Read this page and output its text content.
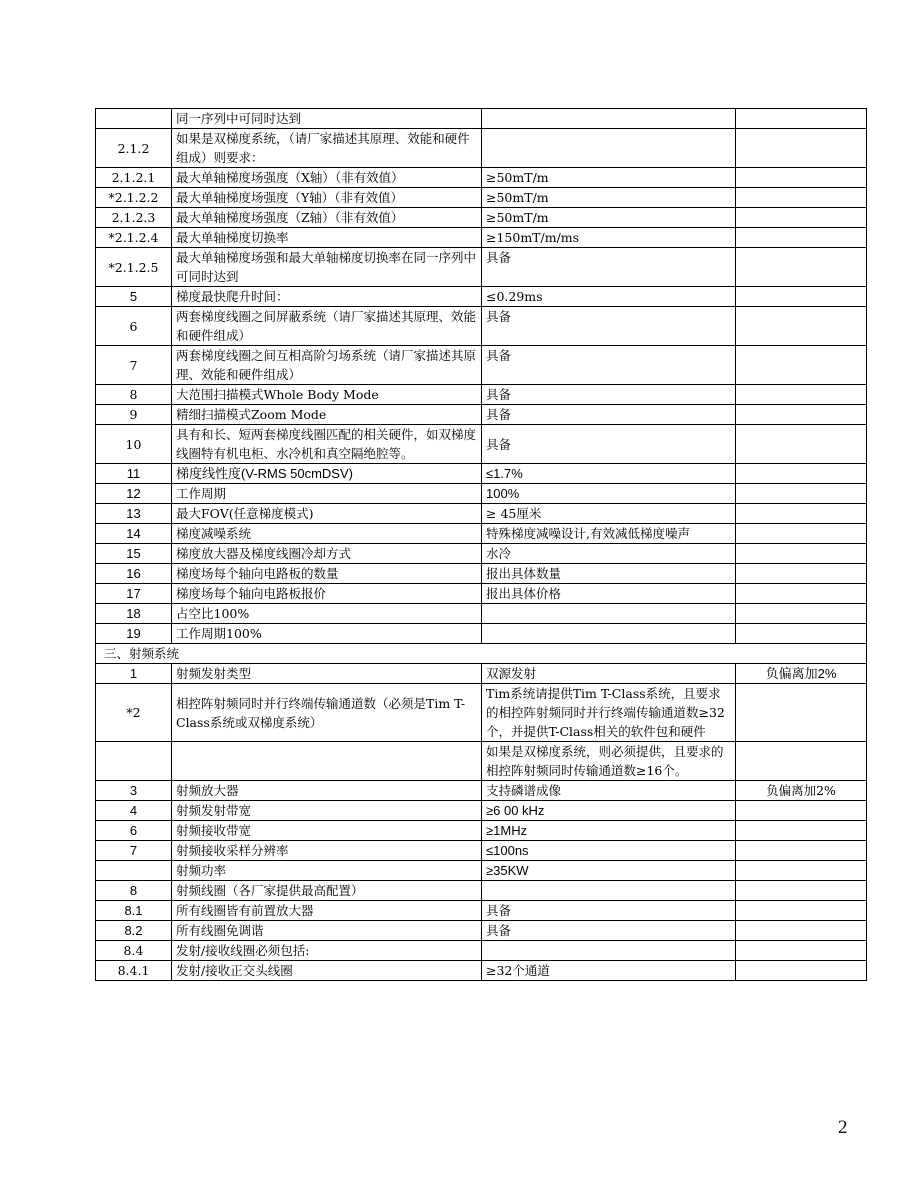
	同一序列中可同时达到		
2.1.2	如果是双梯度系统，（请厂家描述其原理、效能和硬件组成）则要求：		
2.1.2.1	最大单轴梯度场强度（X轴）（非有效值）	≥50mT/m	
*2.1.2.2	最大单轴梯度场强度（Y轴）（非有效值）	≥50mT/m	
2.1.2.3	最大单轴梯度场强度（Z轴）（非有效值）	≥50mT/m	
*2.1.2.4	最大单轴梯度切换率	≥150mT/m/ms	
*2.1.2.5	最大单轴梯度场强和最大单轴梯度切换率在同一序列中可同时达到	具备	
5	梯度最快爬升时间：	≤0.29ms	
6	两套梯度线圈之间屏蔽系统（请厂家描述其原理、效能和硬件组成）	具备	
7	两套梯度线圈之间互相高阶匀场系统（请厂家描述其原理、效能和硬件组成）	具备	
8	大范围扫描模式Whole Body Mode	具备	
9	精细扫描模式Zoom Mode	具备	
10	具有和长、短两套梯度线圈匹配的相关硬件，如双梯度线圈特有机电柜、水冷机和真空隔绝腔等。	具备	
11	梯度线性度(V-RMS 50cmDSV)	≤1.7%	
12	工作周期	100%	
13	最大FOV(任意梯度模式)	≥ 45厘米	
14	梯度减噪系统	特殊梯度减噪设计,有效减低梯度噪声	
15	梯度放大器及梯度线圈冷却方式	水冷	
16	梯度场每个轴向电路板的数量	报出具体数量	
17	梯度场每个轴向电路板报价	报出具体价格	
18	占空比100%		
19	工作周期100%		
三、射频系统			
1	射频发射类型	双源发射	负偏离加2%
*2	相控阵射频同时并行终端传输通道数（必须是Tim T-Class系统或双梯度系统）	Tim系统请提供Tim T-Class系统，且要求的相控阵射频同时并行终端传输通道数≥32个，并提供T-Class相关的软件包和硬件	
		如果是双梯度系统，则必须提供，且要求的相控阵射频同时传输通道数≥16个。	
3	射频放大器	支持磷谱成像	负偏离加2%
4	射频发射带宽	≥6 00 kHz	
6	射频接收带宽	≥1MHz	
7	射频接收采样分辨率	≤100ns	
	射频功率	≥35KW	
8	射频线圈（各厂家提供最高配置）		
8.1	所有线圈皆有前置放大器	具备	
8.2	所有线圈免调谐	具备	
8.4	发射/接收线圈必须包括:		
8.4.1	发射/接收正交头线圈	≥32个通道	
2
